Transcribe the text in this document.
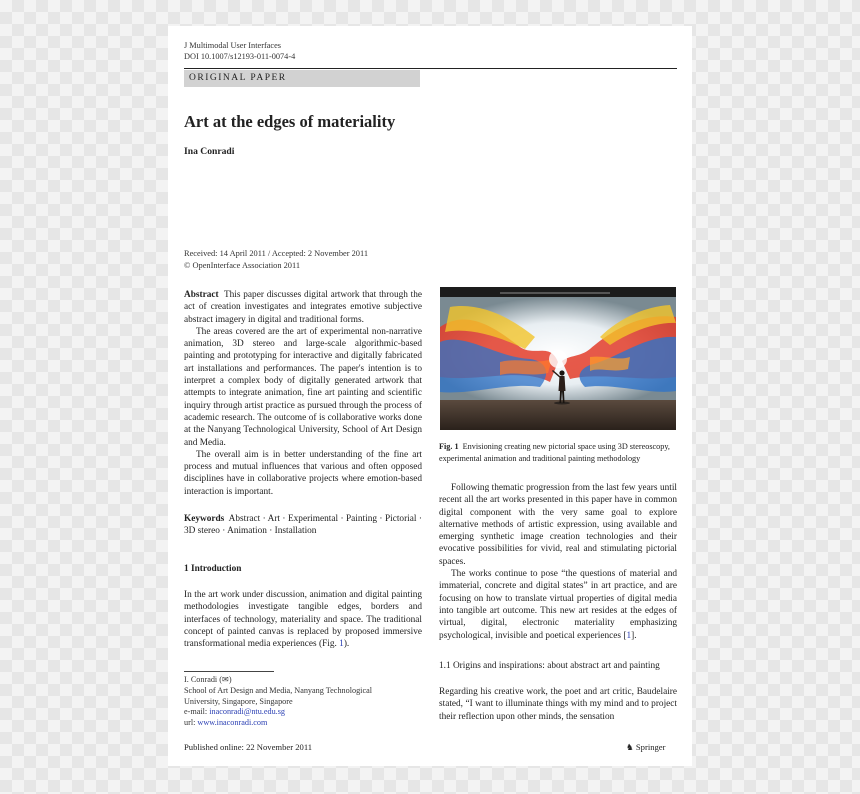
J Multimodal User Interfaces
DOI 10.1007/s12193-011-0074-4
ORIGINAL PAPER
Art at the edges of materiality
Ina Conradi
Received: 14 April 2011 / Accepted: 2 November 2011
© OpenInterface Association 2011

Abstract This paper discusses digital artwork that through the act of creation investigates and integrates emotive subjective abstract imagery in digital and traditional forms.

The areas covered are the art of experimental non-narrative animation, 3D stereo and large-scale algorithmic-based painting and prototyping for interactive and digitally fabricated art installations and performances. The paper's intention is to interpret a complex body of digitally generated artwork that attempts to integrate animation, fine art painting and scientific inquiry through artist practice as pursued through the process of academic research. The outcome of is collaborative works done at the Nanyang Technological University, School of Art Design and Media.

The overall aim is in better understanding of the fine art process and mutual influences that various and often opposed disciplines have in collaborative projects where emotion-based interaction is important.

Keywords Abstract · Art · Experimental · Painting · Pictorial · 3D stereo · Animation · Installation

1 Introduction

In the art work under discussion, animation and digital painting methodologies investigate tangible edges, borders and interfaces of technology, materiality and space. The traditional concept of painted canvas is replaced by proposed immersive transformational media experiences (Fig. 1).

I. Conradi (✉)
School of Art Design and Media, Nanyang Technological
University, Singapore, Singapore
e-mail: inaconradi@ntu.edu.sg
url: www.inaconradi.com
Published online: 22 November 2011
Fig. 1 Envisioning creating new pictorial space using 3D stereoscopy, experimental animation and traditional painting methodology

Following thematic progression from the last few years until recent all the art works presented in this paper have in common digital component with the very same goal to explore alternative methods of artistic expression, using available and emerging synthetic image creation technologies and their evocative possibilities for vivid, real and stimulating pictorial spaces.

The works continue to pose “the questions of material and immaterial, concrete and digital states” in art practice, and are focusing on how to translate virtual properties of digital media into tangible art outcome. This new art resides at the edges of virtual, digital, electronic materiality emphasizing psychological, invisible and poetical experiences [1].

1.1 Origins and inspirations: about abstract art and painting

Regarding his creative work, the poet and art critic, Baudelaire stated, “I want to illuminate things with my mind and to project their reflection upon other minds, the sensation

♞ Springer
